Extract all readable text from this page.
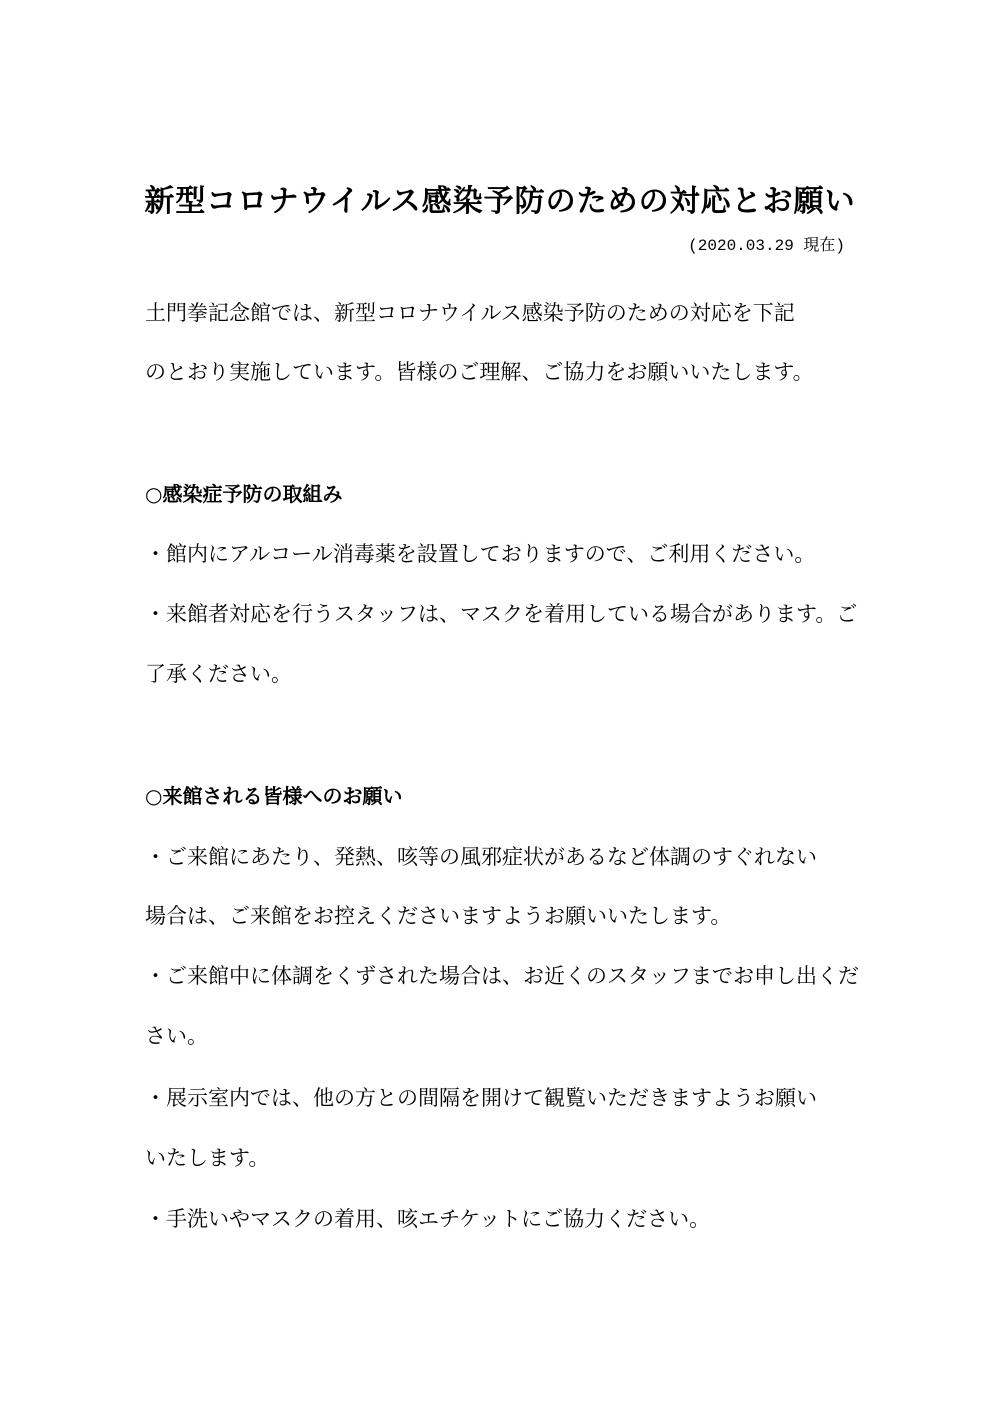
新型コロナウイルス感染予防のための対応とお願い
(2020.03.29 現在)
土門拳記念館では、新型コロナウイルス感染予防のための対応を下記
のとおり実施しています。皆様のご理解、ご協力をお願いいたします。
○感染症予防の取組み
・館内にアルコール消毒薬を設置しておりますので、ご利用ください。
・来館者対応を行うスタッフは、マスクを着用している場合があります。ご
了承ください。
○来館される皆様へのお願い
・ご来館にあたり、発熱、咳等の風邪症状があるなど体調のすぐれない
場合は、ご来館をお控えくださいますようお願いいたします。
・ご来館中に体調をくずされた場合は、お近くのスタッフまでお申し出くだ
さい。
・展示室内では、他の方との間隔を開けて観覧いただきますようお願い
いたします。
・手洗いやマスクの着用、咳エチケットにご協力ください。
